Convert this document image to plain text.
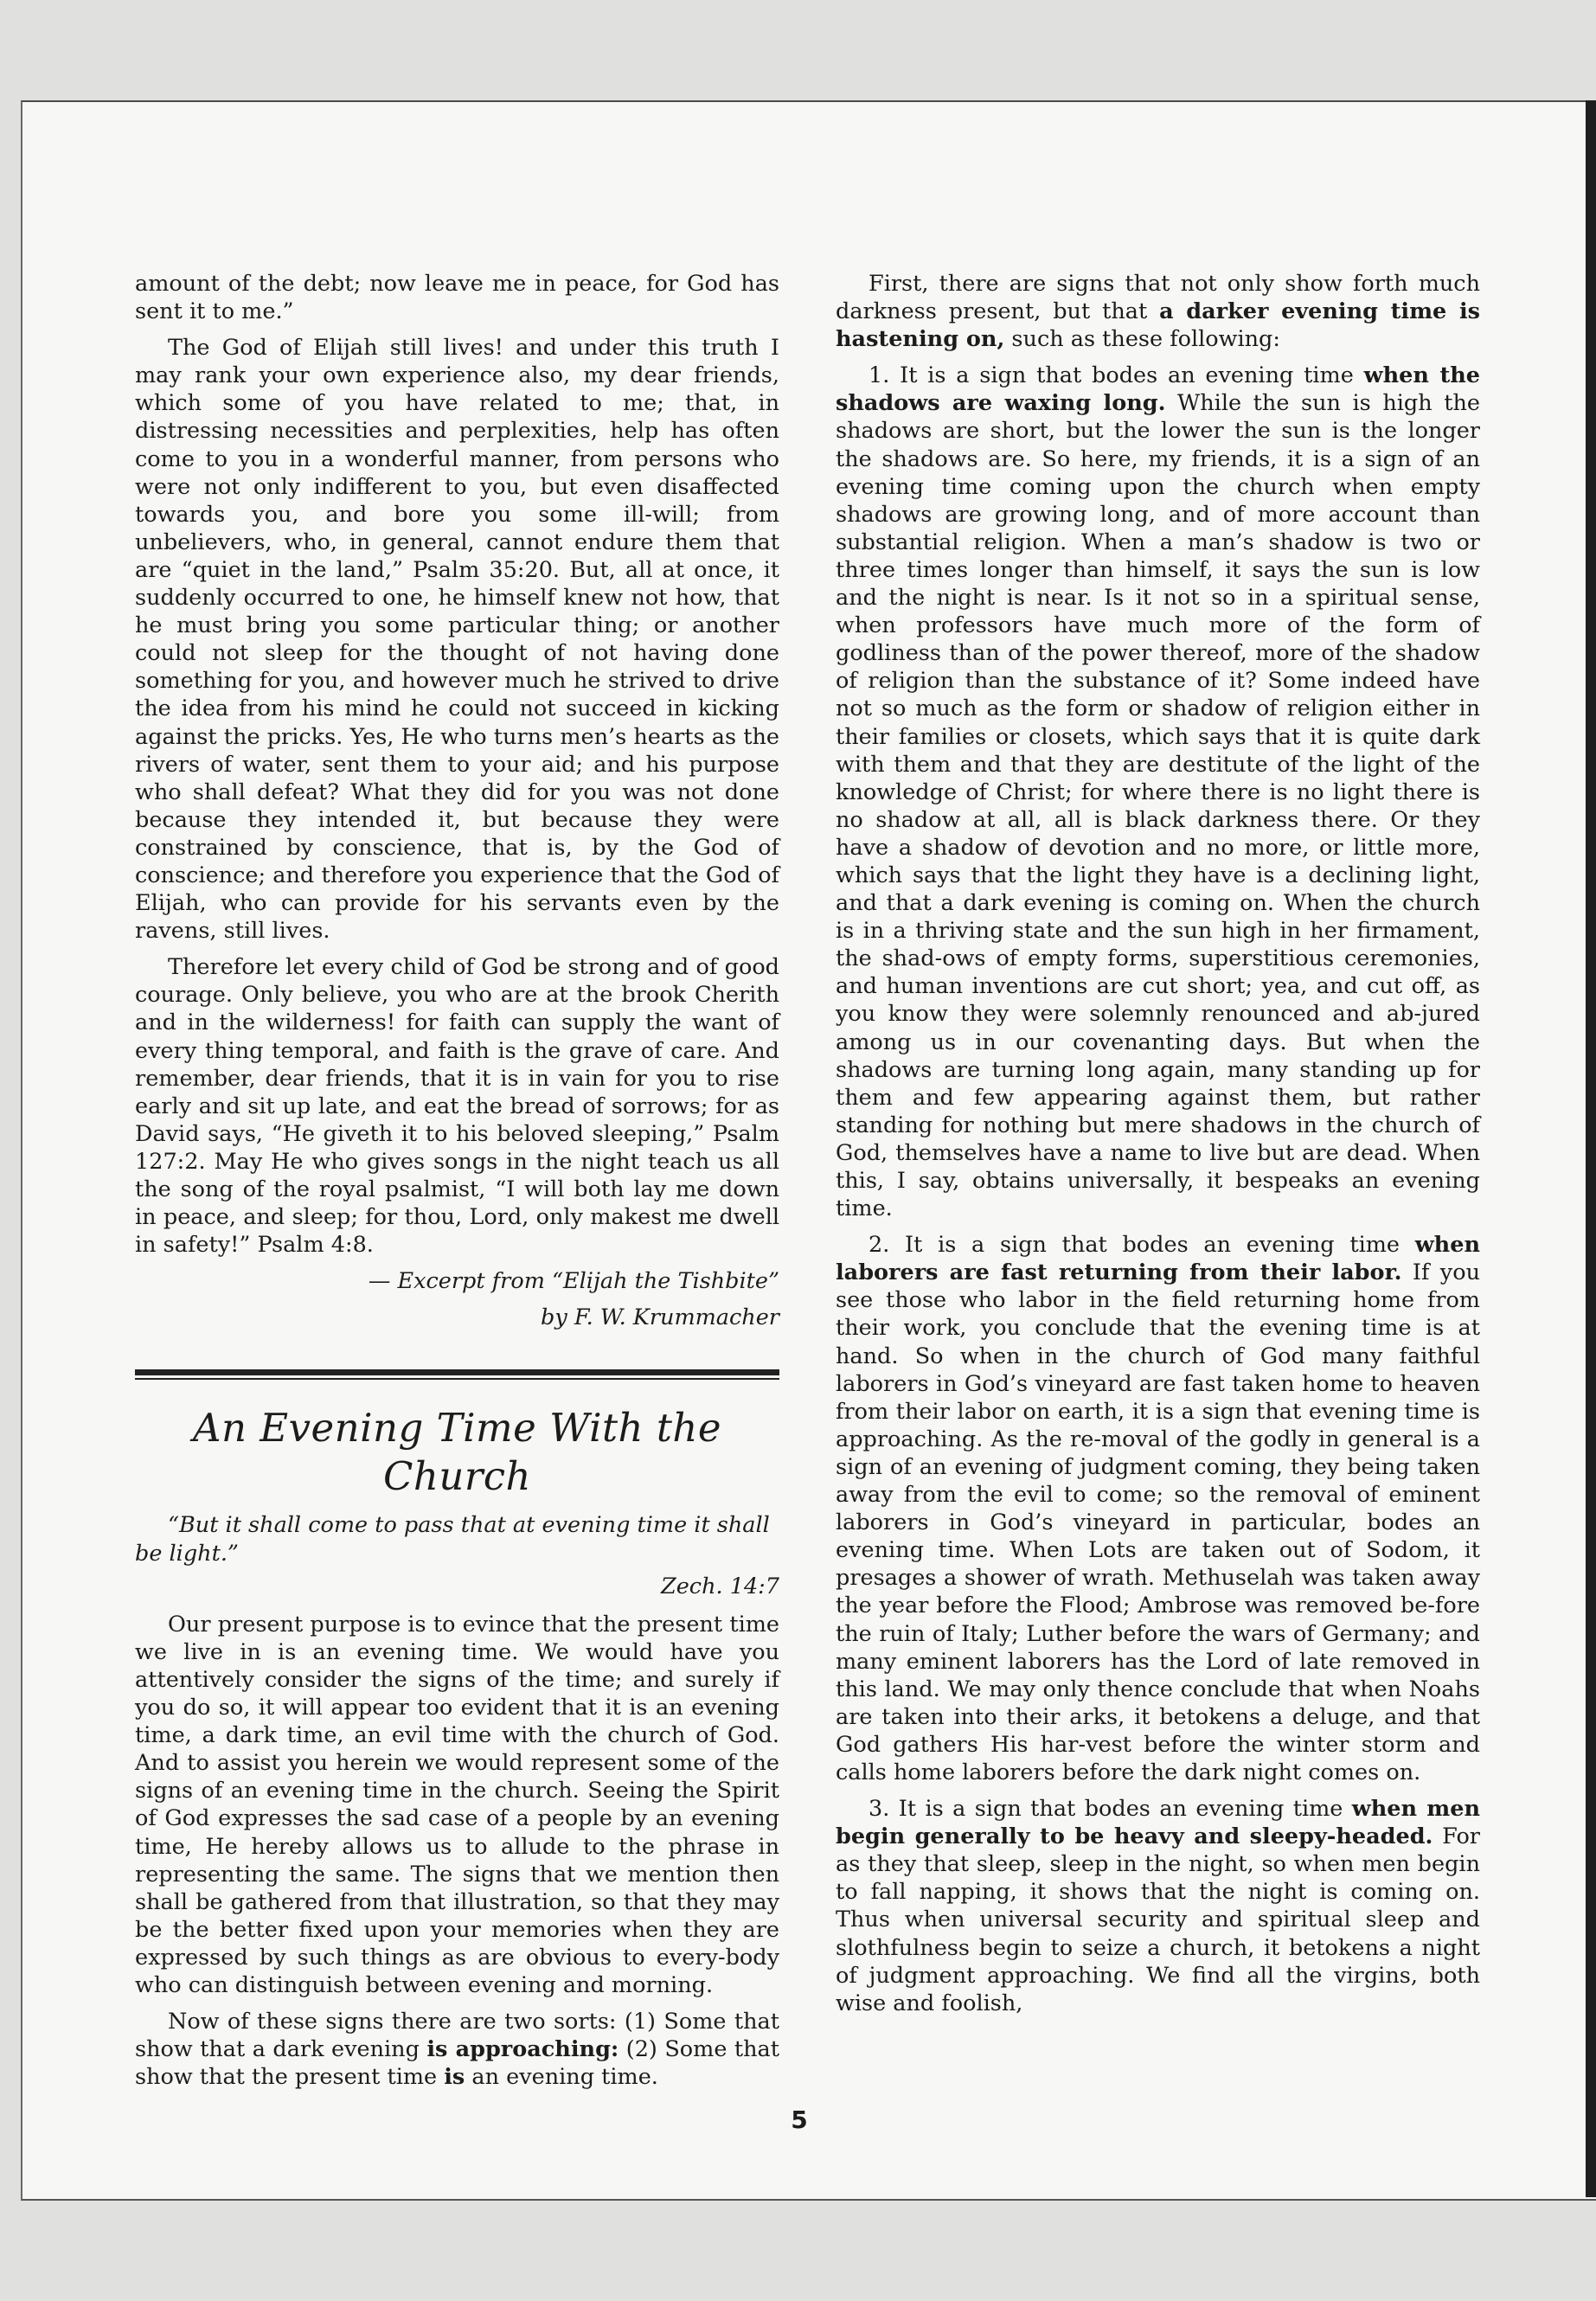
amount of the debt; now leave me in peace, for God has sent it to me.”

The God of Elijah still lives! and under this truth I may rank your own experience also, my dear friends, which some of you have related to me; that, in distressing necessities and perplexities, help has often come to you in a wonderful manner, from persons who were not only indifferent to you, but even disaffected towards you, and bore you some ill-will; from unbelievers, who, in general, cannot endure them that are “quiet in the land,” Psalm 35:20. But, all at once, it suddenly occurred to one, he himself knew not how, that he must bring you some particular thing; or another could not sleep for the thought of not having done something for you, and however much he strived to drive the idea from his mind he could not succeed in kicking against the pricks. Yes, He who turns men’s hearts as the rivers of water, sent them to your aid; and his purpose who shall defeat? What they did for you was not done because they intended it, but because they were constrained by conscience, that is, by the God of conscience; and therefore you experience that the God of Elijah, who can provide for his servants even by the ravens, still lives.

Therefore let every child of God be strong and of good courage. Only believe, you who are at the brook Cherith and in the wilderness! for faith can supply the want of every thing temporal, and faith is the grave of care. And remember, dear friends, that it is in vain for you to rise early and sit up late, and eat the bread of sorrows; for as David says, “He giveth it to his beloved sleeping,” Psalm 127:2. May He who gives songs in the night teach us all the song of the royal psalmist, “I will both lay me down in peace, and sleep; for thou, Lord, only makest me dwell in safety!” Psalm 4:8.

— Excerpt from “Elijah the Tishbite”

by F. W. Krummacher

An Evening Time With the Church

“But it shall come to pass that at evening time it shall be light.”

Zech. 14:7

Our present purpose is to evince that the present time we live in is an evening time. We would have you attentively consider the signs of the time; and surely if you do so, it will appear too evident that it is an evening time, a dark time, an evil time with the church of God. And to assist you herein we would represent some of the signs of an evening time in the church. Seeing the Spirit of God expresses the sad case of a people by an evening time, He hereby allows us to allude to the phrase in representing the same. The signs that we mention then shall be gathered from that illustration, so that they may be the better fixed upon your memories when they are expressed by such things as are obvious to every-body who can distinguish between evening and morning.

Now of these signs there are two sorts: (1) Some that show that a dark evening is approaching: (2) Some that show that the present time is an evening time.

First, there are signs that not only show forth much darkness present, but that a darker evening time is hastening on, such as these following:

1. It is a sign that bodes an evening time when the shadows are waxing long. While the sun is high the shadows are short, but the lower the sun is the longer the shadows are. So here, my friends, it is a sign of an evening time coming upon the church when empty shadows are growing long, and of more account than substantial religion. When a man’s shadow is two or three times longer than himself, it says the sun is low and the night is near. Is it not so in a spiritual sense, when professors have much more of the form of godliness than of the power thereof, more of the shadow of religion than the substance of it? Some indeed have not so much as the form or shadow of religion either in their families or closets, which says that it is quite dark with them and that they are destitute of the light of the knowledge of Christ; for where there is no light there is no shadow at all, all is black darkness there. Or they have a shadow of devotion and no more, or little more, which says that the light they have is a declining light, and that a dark evening is coming on. When the church is in a thriving state and the sun high in her firmament, the shad-ows of empty forms, superstitious ceremonies, and human inventions are cut short; yea, and cut off, as you know they were solemnly renounced and ab-jured among us in our covenanting days. But when the shadows are turning long again, many standing up for them and few appearing against them, but rather standing for nothing but mere shadows in the church of God, themselves have a name to live but are dead. When this, I say, obtains universally, it bespeaks an evening time.

2. It is a sign that bodes an evening time when laborers are fast returning from their labor. If you see those who labor in the field returning home from their work, you conclude that the evening time is at hand. So when in the church of God many faithful laborers in God’s vineyard are fast taken home to heaven from their labor on earth, it is a sign that evening time is approaching. As the re-moval of the godly in general is a sign of an evening of judgment coming, they being taken away from the evil to come; so the removal of eminent laborers in God’s vineyard in particular, bodes an evening time. When Lots are taken out of Sodom, it presages a shower of wrath. Methuselah was taken away the year before the Flood; Ambrose was removed be-fore the ruin of Italy; Luther before the wars of Germany; and many eminent laborers has the Lord of late removed in this land. We may only thence conclude that when Noahs are taken into their arks, it betokens a deluge, and that God gathers His har-vest before the winter storm and calls home laborers before the dark night comes on.

3. It is a sign that bodes an evening time when men begin generally to be heavy and sleepy-headed. For as they that sleep, sleep in the night, so when men begin to fall napping, it shows that the night is coming on. Thus when universal security and spiritual sleep and slothfulness begin to seize a church, it betokens a night of judgment approaching. We find all the virgins, both wise and foolish,

5
